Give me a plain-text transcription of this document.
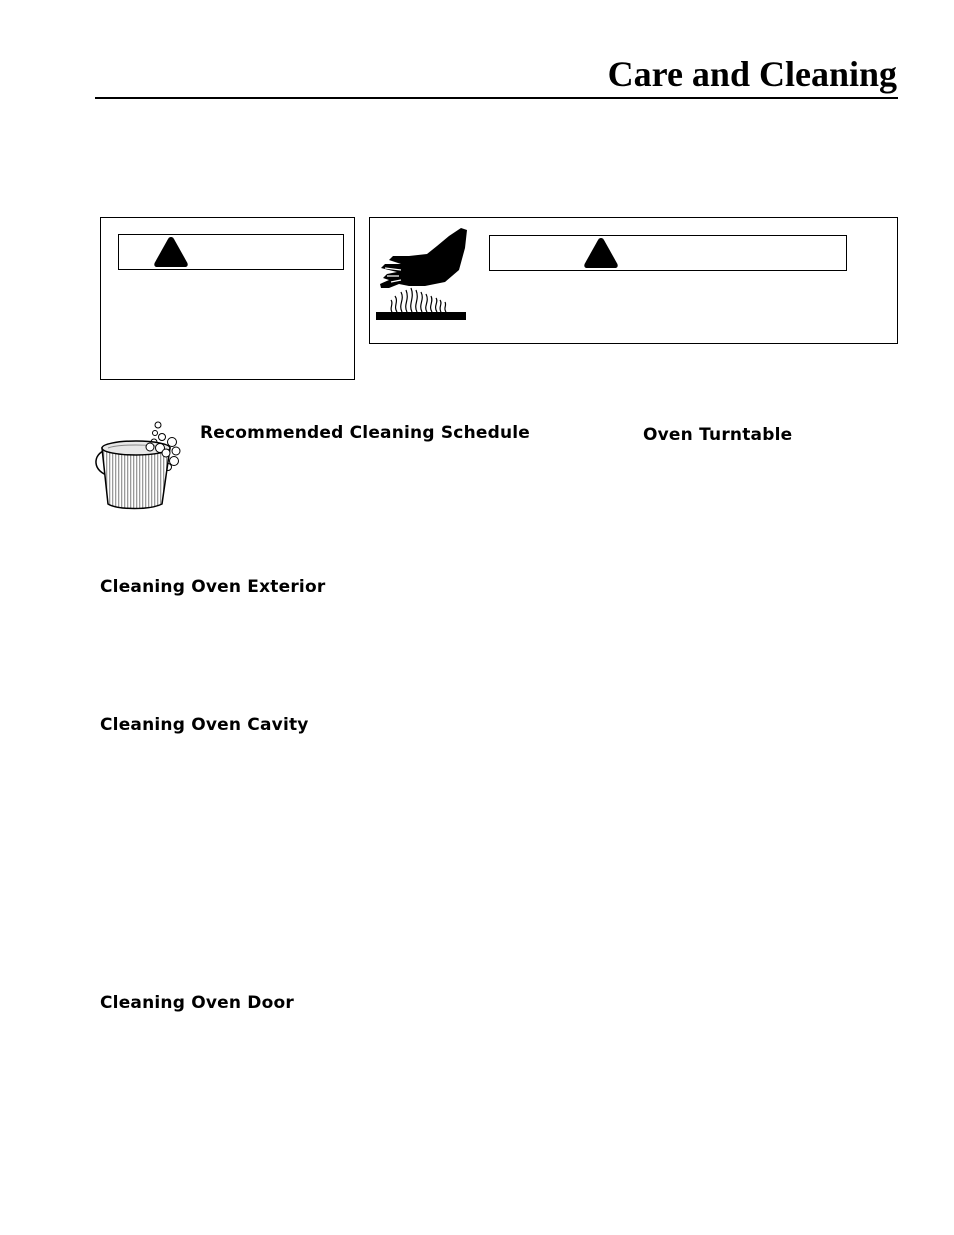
Care and Cleaning
Recommended Cleaning Schedule	Oven Turntable
Cleaning Oven Exterior
Cleaning Oven Cavity
Cleaning Oven Door
